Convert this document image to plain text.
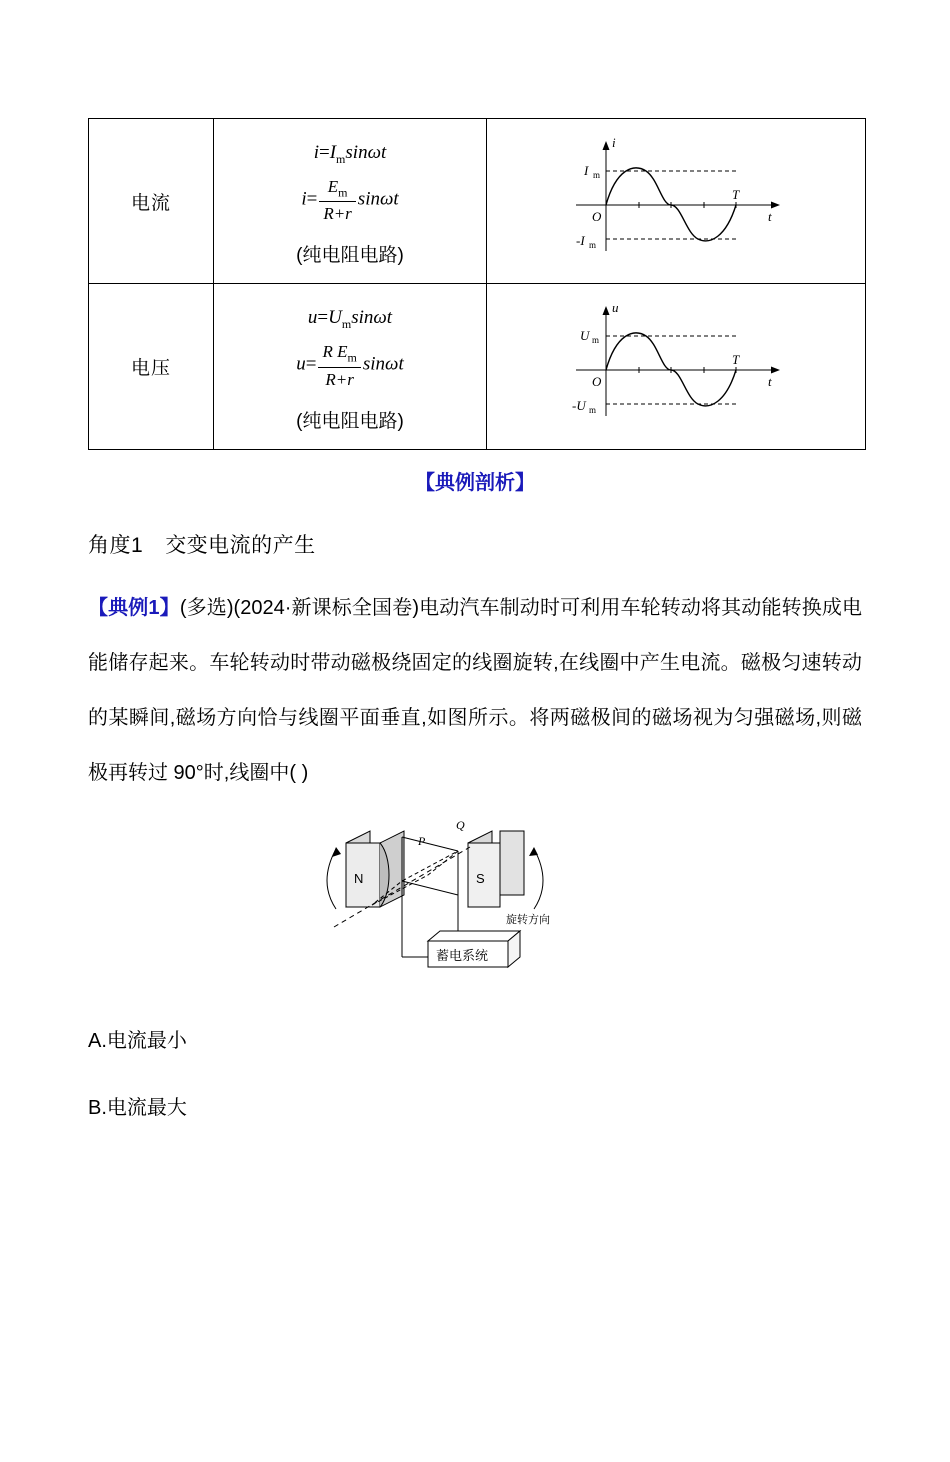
电流	
$i=I_m\sin\omega t$
$i= \frac{E_m}{R+r}$ sinωt
(纯电阻电路)

i
I m
O
-I m
T
t

电压	
$u=U_m\sin\omega t$
$u= \frac{R E_m}{R+r}$ sinωt
(纯电阻电路)

u
U m
O
-U m
T
t
【典例剖析】
角度1 交变电流的产生
【典例1】(多选)(2024·新课标全国卷)电动汽车制动时可利用车轮转动将其动能转换成电能储存起来。车轮转动时带动磁极绕固定的线圈旋转,在线圈中产生电流。磁极匀速转动的某瞬间,磁场方向恰与线圈平面垂直,如图所示。将两磁极间的磁场视为匀强磁场,则磁极再转过 90°时,线圈中( )
N	S
P
Q
旋转方向
蓄电系统
A.电流最小
B.电流最大
